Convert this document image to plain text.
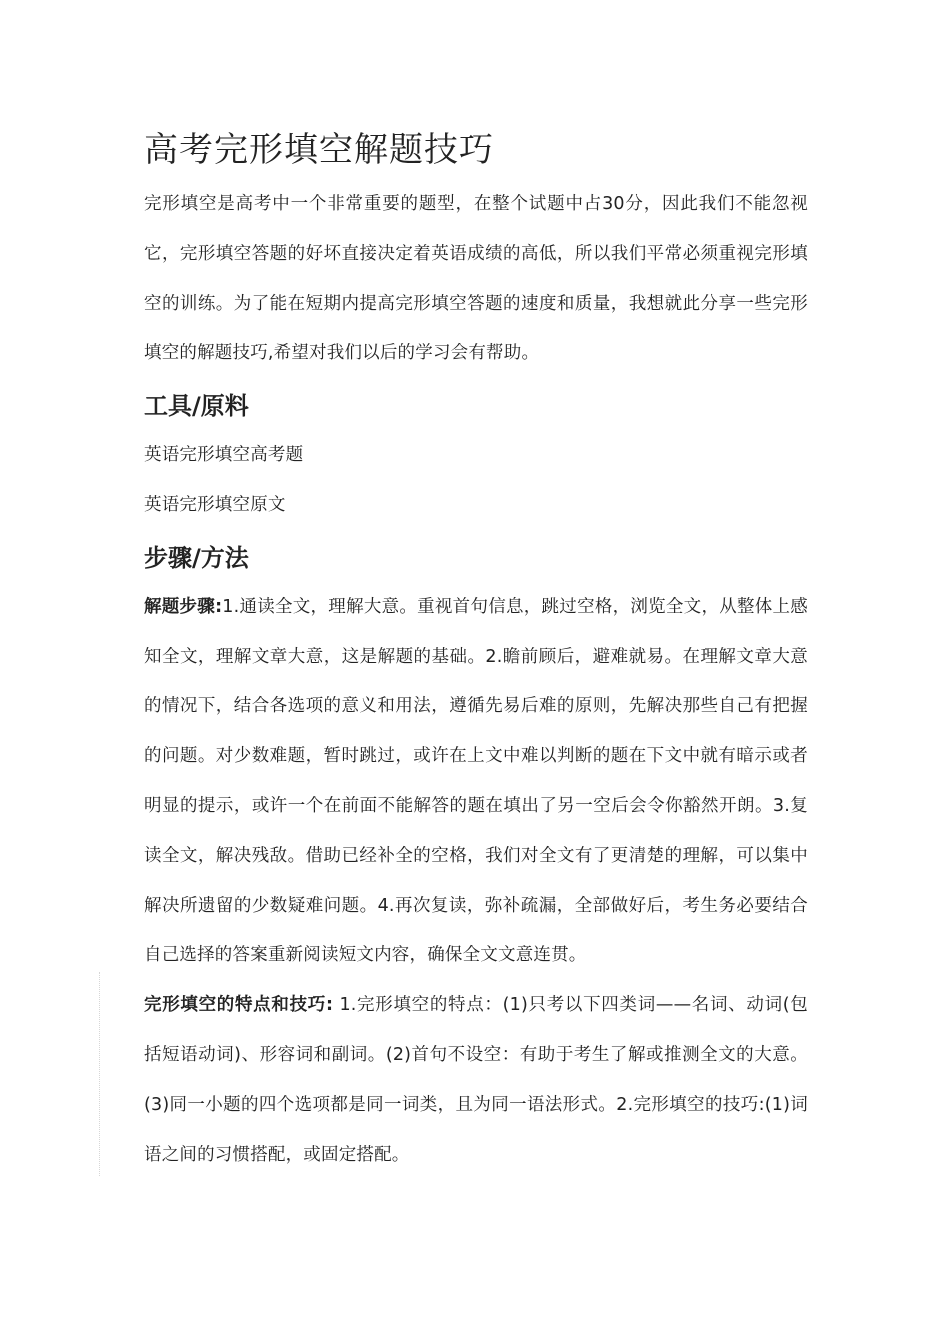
高考完形填空解题技巧

完形填空是高考中一个非常重要的题型，在整个试题中占30分，因此我们不能忽视它，完形填空答题的好坏直接决定着英语成绩的高低，所以我们平常必须重视完形填空的训练。为了能在短期内提高完形填空答题的速度和质量，我想就此分享一些完形填空的解题技巧,希望对我们以后的学习会有帮助。

工具/原料

英语完形填空高考题

英语完形填空原文

步骤/方法

解题步骤:1.通读全文，理解大意。重视首句信息，跳过空格，浏览全文，从整体上感知全文，理解文章大意，这是解题的基础。2.瞻前顾后，避难就易。在理解文章大意的情况下，结合各选项的意义和用法，遵循先易后难的原则，先解决那些自己有把握的问题。对少数难题，暂时跳过，或许在上文中难以判断的题在下文中就有暗示或者明显的提示，或许一个在前面不能解答的题在填出了另一空后会令你豁然开朗。3.复读全文，解决残敌。借助已经补全的空格，我们对全文有了更清楚的理解，可以集中解决所遗留的少数疑难问题。4.再次复读，弥补疏漏，全部做好后，考生务必要结合自己选择的答案重新阅读短文内容，确保全文文意连贯。

完形填空的特点和技巧: 1.完形填空的特点：(1)只考以下四类词——名词、动词(包括短语动词)、形容词和副词。(2)首句不设空：有助于考生了解或推测全文的大意。(3)同一小题的四个选项都是同一词类，且为同一语法形式。2.完形填空的技巧:(1)词语之间的习惯搭配，或固定搭配。
